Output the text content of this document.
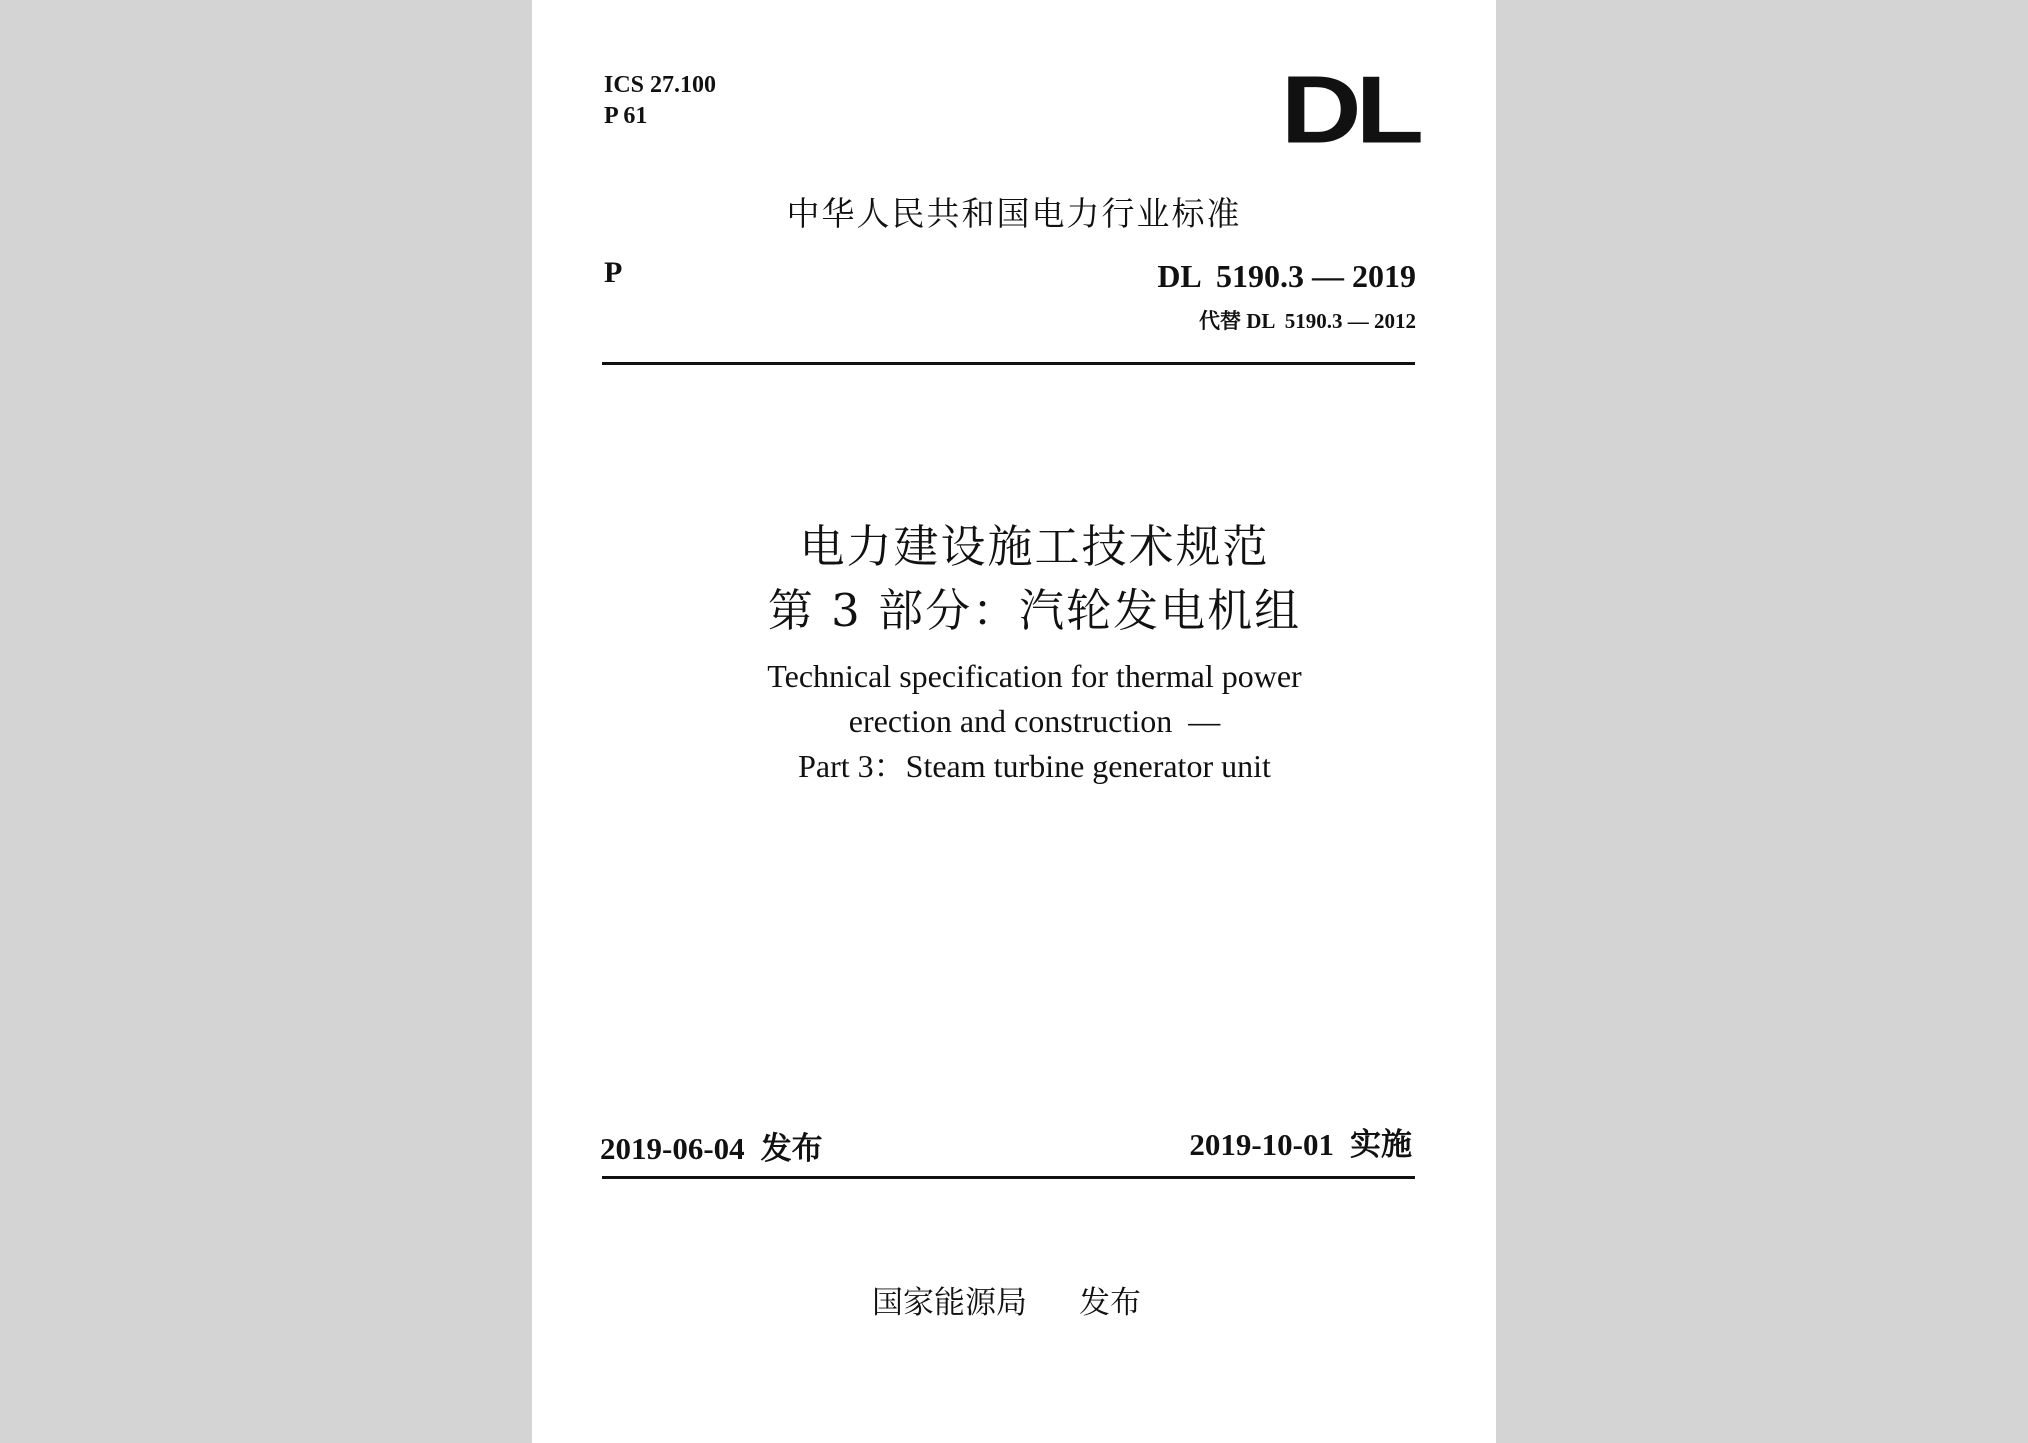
ICS 27.100
P 61	DL
中华人民共和国电力行业标准
P	DL  5190.3 — 2019
代替 DL  5190.3 — 2012
电力建设施工技术规范
第 3 部分：汽轮发电机组
Technical specification for thermal power
erection and construction  —
Part 3：Steam turbine generator unit
2019-06-04 发布	2019-10-01 实施
国家能源局 发布
